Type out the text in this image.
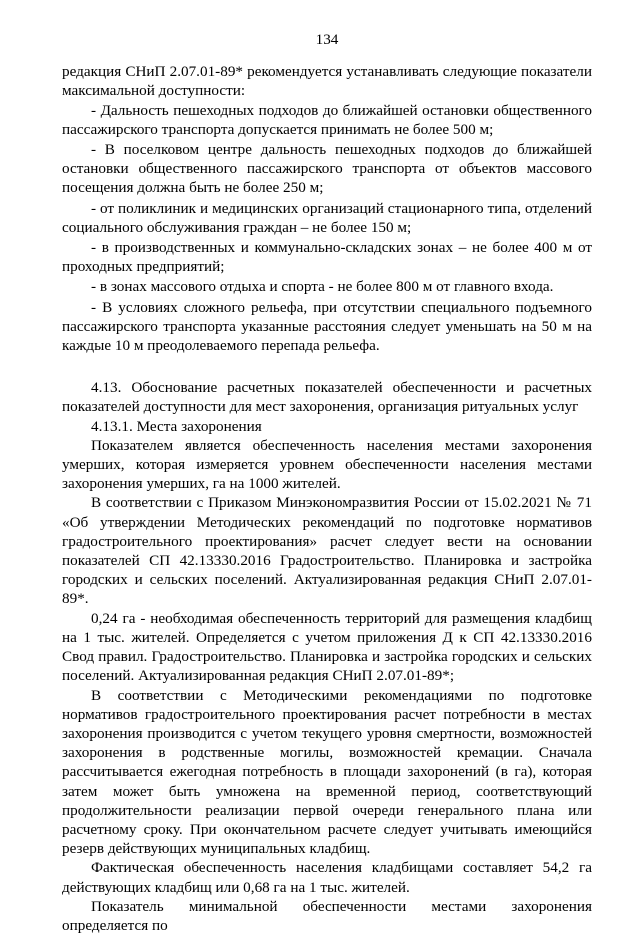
134

редакция СНиП 2.07.01-89* рекомендуется устанавливать следующие показатели максимальной доступности:

- Дальность пешеходных подходов до ближайшей остановки общественного пассажирского транспорта допускается принимать не более 500 м;

- В поселковом центре дальность пешеходных подходов до ближайшей остановки общественного пассажирского транспорта от объектов массового посещения должна быть не более 250 м;

- от поликлиник и медицинских организаций стационарного типа, отделений социального обслуживания граждан – не более 150 м;

- в производственных и коммунально-складских зонах – не более 400 м от проходных предприятий;

- в зонах массового отдыха и спорта - не более 800 м от главного входа.

- В условиях сложного рельефа, при отсутствии специального подъемного пассажирского транспорта указанные расстояния следует уменьшать на 50 м на каждые 10 м преодолеваемого перепада рельефа.

4.13. Обоснование расчетных показателей обеспеченности и расчетных показателей доступности для мест захоронения, организация ритуальных услуг

4.13.1. Места захоронения

Показателем является обеспеченность населения местами захоронения умерших, которая измеряется уровнем обеспеченности населения местами захоронения умерших, га на 1000 жителей.

В соответствии с Приказом Минэкономразвития России от 15.02.2021 № 71 «Об утверждении Методических рекомендаций по подготовке нормативов градостроительного проектирования» расчет следует вести на основании показателей СП 42.13330.2016 Градостроительство. Планировка и застройка городских и сельских поселений. Актуализированная редакция СНиП 2.07.01-89*.

0,24 га - необходимая обеспеченность территорий для размещения кладбищ на 1 тыс. жителей. Определяется с учетом приложения Д к СП 42.13330.2016 Свод правил. Градостроительство. Планировка и застройка городских и сельских поселений. Актуализированная редакция СНиП 2.07.01-89*;

В соответствии с Методическими рекомендациями по подготовке нормативов градостроительного проектирования расчет потребности в местах захоронения производится с учетом текущего уровня смертности, возможностей захоронения в родственные могилы, возможностей кремации. Сначала рассчитывается ежегодная потребность в площади захоронений (в га), которая затем может быть умножена на временной период, соответствующий продолжительности реализации первой очереди генерального плана или расчетному сроку. При окончательном расчете следует учитывать имеющийся резерв действующих муниципальных кладбищ.

Фактическая обеспеченность населения кладбищами составляет 54,2 га действующих кладбищ или 0,68 га на 1 тыс. жителей.

Показатель минимальной обеспеченности местами захоронения определяется по
